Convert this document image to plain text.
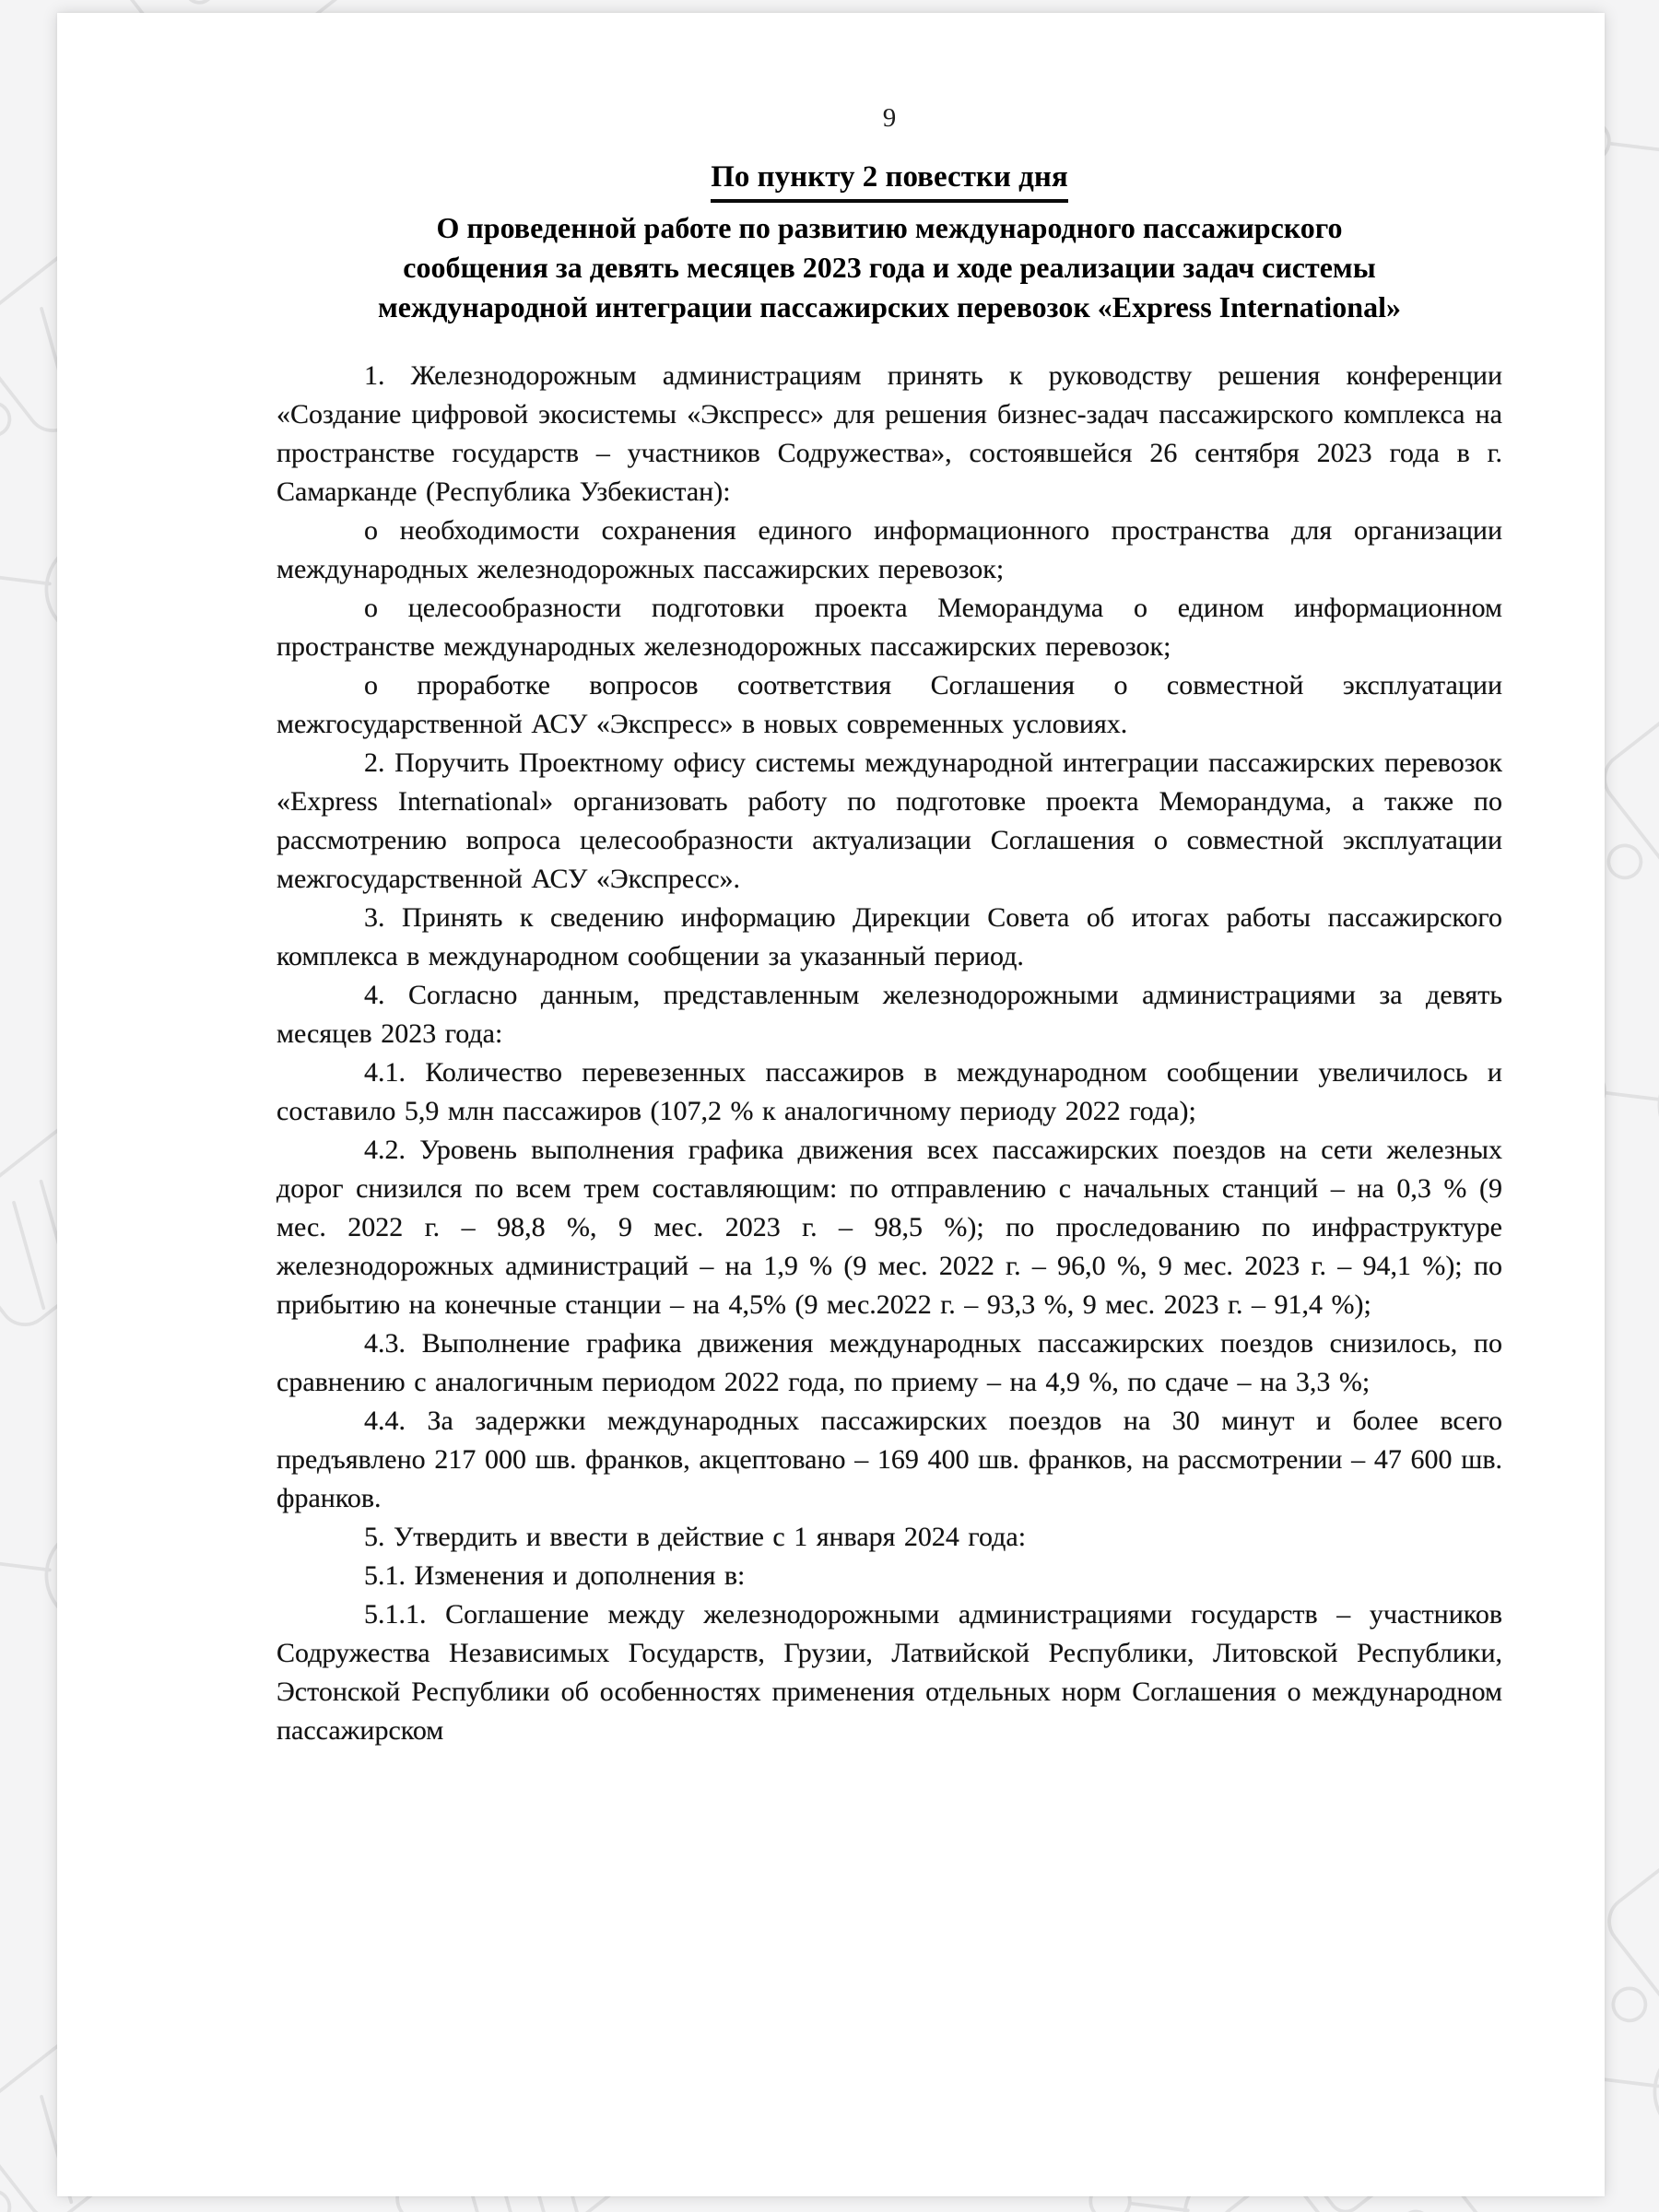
9
По пункту 2 повестки дня
О проведенной работе по развитию международного пассажирского
сообщения за девять месяцев 2023 года и ходе реализации задач системы
международной интеграции пассажирских перевозок «Express International»

1. Железнодорожным администрациям принять к руководству решения конференции «Создание цифровой экосистемы «Экспресс» для решения бизнес-задач пассажирского комплекса на пространстве государств – участников Содружества», состоявшейся 26 сентября 2023 года в г. Самарканде (Республика Узбекистан):

о необходимости сохранения единого информационного пространства для организации международных железнодорожных пассажирских перевозок;

о целесообразности подготовки проекта Меморандума о едином информационном пространстве международных железнодорожных пассажирских перевозок;

о проработке вопросов соответствия Соглашения о совместной эксплуатации межгосударственной АСУ «Экспресс» в новых современных условиях.

2. Поручить Проектному офису системы международной интеграции пассажирских перевозок «Express International» организовать работу по подготовке проекта Меморандума, а также по рассмотрению вопроса целесообразности актуализации Соглашения о совместной эксплуатации межгосударственной АСУ «Экспресс».

3. Принять к сведению информацию Дирекции Совета об итогах работы пассажирского комплекса в международном сообщении за указанный период.

4. Согласно данным, представленным железнодорожными администрациями за девять месяцев 2023 года:

4.1. Количество перевезенных пассажиров в международном сообщении увеличилось и составило 5,9 млн пассажиров (107,2 % к аналогичному периоду 2022 года);

4.2. Уровень выполнения графика движения всех пассажирских поездов на сети железных дорог снизился по всем трем составляющим: по отправлению с начальных станций – на 0,3 % (9 мес. 2022 г. – 98,8 %, 9 мес. 2023 г. – 98,5 %); по проследованию по инфраструктуре железнодорожных администраций – на 1,9 % (9 мес. 2022 г. – 96,0 %, 9 мес. 2023 г. – 94,1 %); по прибытию на конечные станции – на 4,5% (9 мес.2022 г. – 93,3 %, 9 мес. 2023 г. – 91,4 %);

4.3. Выполнение графика движения международных пассажирских поездов снизилось, по сравнению с аналогичным периодом 2022 года, по приему – на 4,9 %, по сдаче – на 3,3 %;

4.4. За задержки международных пассажирских поездов на 30 минут и более всего предъявлено 217 000 шв. франков, акцептовано – 169 400 шв. франков, на рассмотрении – 47 600 шв. франков.

5. Утвердить и ввести в действие с 1 января 2024 года:

5.1. Изменения и дополнения в:

5.1.1. Соглашение между железнодорожными администрациями государств – участников Содружества Независимых Государств, Грузии, Латвийской Республики, Литовской Республики, Эстонской Республики об особенностях применения отдельных норм Соглашения о международном пассажирском
